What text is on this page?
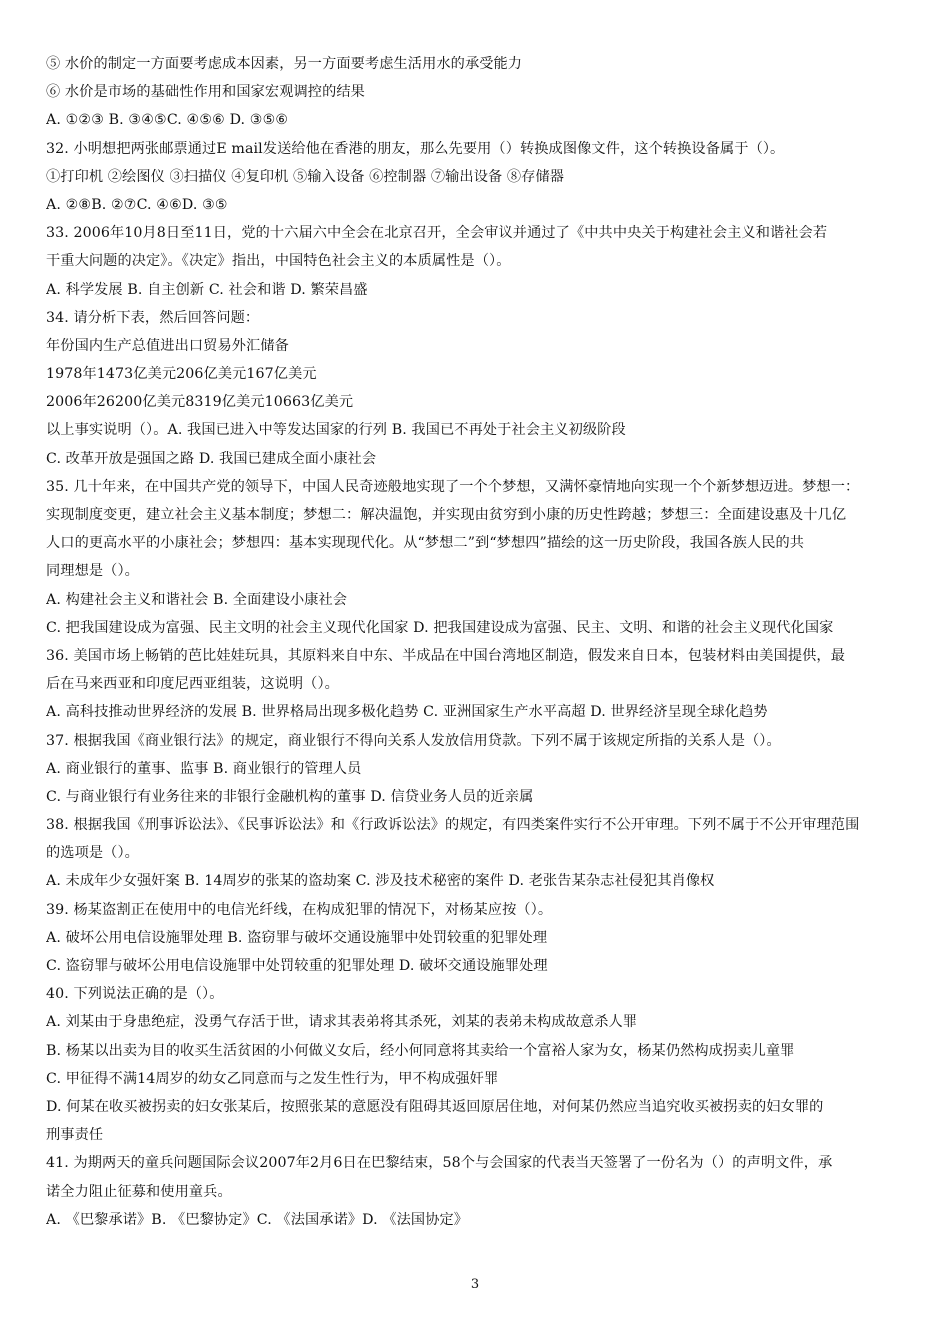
⑤ 水价的制定一方面要考虑成本因素，另一方面要考虑生活用水的承受能力
⑥ 水价是市场的基础性作用和国家宏观调控的结果
A. ①②③ B. ③④⑤C. ④⑤⑥ D. ③⑤⑥
32. 小明想把两张邮票通过E mail发送给他在香港的朋友，那么先要用（）转换成图像文件，这个转换设备属于（）。
①打印机 ②绘图仪 ③扫描仪 ④复印机 ⑤输入设备 ⑥控制器 ⑦输出设备 ⑧存储器
A. ②⑧B. ②⑦C. ④⑥D. ③⑤
33. 2006年10月8日至11日，党的十六届六中全会在北京召开，全会审议并通过了《中共中央关于构建社会主义和谐社会若
干重大问题的决定》。《决定》指出，中国特色社会主义的本质属性是（）。
A. 科学发展 B. 自主创新 C. 社会和谐 D. 繁荣昌盛
34. 请分析下表，然后回答问题：
年份国内生产总值进出口贸易外汇储备
1978年1473亿美元206亿美元167亿美元
2006年26200亿美元8319亿美元10663亿美元
以上事实说明（）。A. 我国已进入中等发达国家的行列 B. 我国已不再处于社会主义初级阶段
C. 改革开放是强国之路 D. 我国已建成全面小康社会
35. 几十年来，在中国共产党的领导下，中国人民奇迹般地实现了一个个梦想，又满怀豪情地向实现一个个新梦想迈进。梦想一：
实现制度变更，建立社会主义基本制度；梦想二：解决温饱，并实现由贫穷到小康的历史性跨越；梦想三：全面建设惠及十几亿
人口的更高水平的小康社会；梦想四：基本实现现代化。从“梦想二”到“梦想四”描绘的这一历史阶段，我国各族人民的共
同理想是（）。
A. 构建社会主义和谐社会 B. 全面建设小康社会
C. 把我国建设成为富强、民主文明的社会主义现代化国家 D. 把我国建设成为富强、民主、文明、和谐的社会主义现代化国家
36. 美国市场上畅销的芭比娃娃玩具，其原料来自中东、半成品在中国台湾地区制造，假发来自日本，包装材料由美国提供，最
后在马来西亚和印度尼西亚组装，这说明（）。
A. 高科技推动世界经济的发展 B. 世界格局出现多极化趋势 C. 亚洲国家生产水平高超 D. 世界经济呈现全球化趋势
37. 根据我国《商业银行法》的规定，商业银行不得向关系人发放信用贷款。下列不属于该规定所指的关系人是（）。
A. 商业银行的董事、监事 B. 商业银行的管理人员
C. 与商业银行有业务往来的非银行金融机构的董事 D. 信贷业务人员的近亲属
38. 根据我国《刑事诉讼法》、《民事诉讼法》和《行政诉讼法》的规定，有四类案件实行不公开审理。下列不属于不公开审理范围
的选项是（）。
A. 未成年少女强奸案 B. 14周岁的张某的盗劫案 C. 涉及技术秘密的案件 D. 老张告某杂志社侵犯其肖像权
39. 杨某盗割正在使用中的电信光纤线，在构成犯罪的情况下，对杨某应按（）。
A. 破坏公用电信设施罪处理 B. 盗窃罪与破坏交通设施罪中处罚较重的犯罪处理
C. 盗窃罪与破坏公用电信设施罪中处罚较重的犯罪处理 D. 破坏交通设施罪处理
40. 下列说法正确的是（）。
A. 刘某由于身患绝症，没勇气存活于世，请求其表弟将其杀死，刘某的表弟未构成故意杀人罪
B. 杨某以出卖为目的收买生活贫困的小何做义女后，经小何同意将其卖给一个富裕人家为女，杨某仍然构成拐卖儿童罪
C. 甲征得不满14周岁的幼女乙同意而与之发生性行为，甲不构成强奸罪
D. 何某在收买被拐卖的妇女张某后，按照张某的意愿没有阻碍其返回原居住地，对何某仍然应当追究收买被拐卖的妇女罪的
刑事责任
41. 为期两天的童兵问题国际会议2007年2月6日在巴黎结束，58个与会国家的代表当天签署了一份名为（）的声明文件，承
诺全力阻止征募和使用童兵。
A. 《巴黎承诺》B. 《巴黎协定》C. 《法国承诺》D. 《法国协定》
3
